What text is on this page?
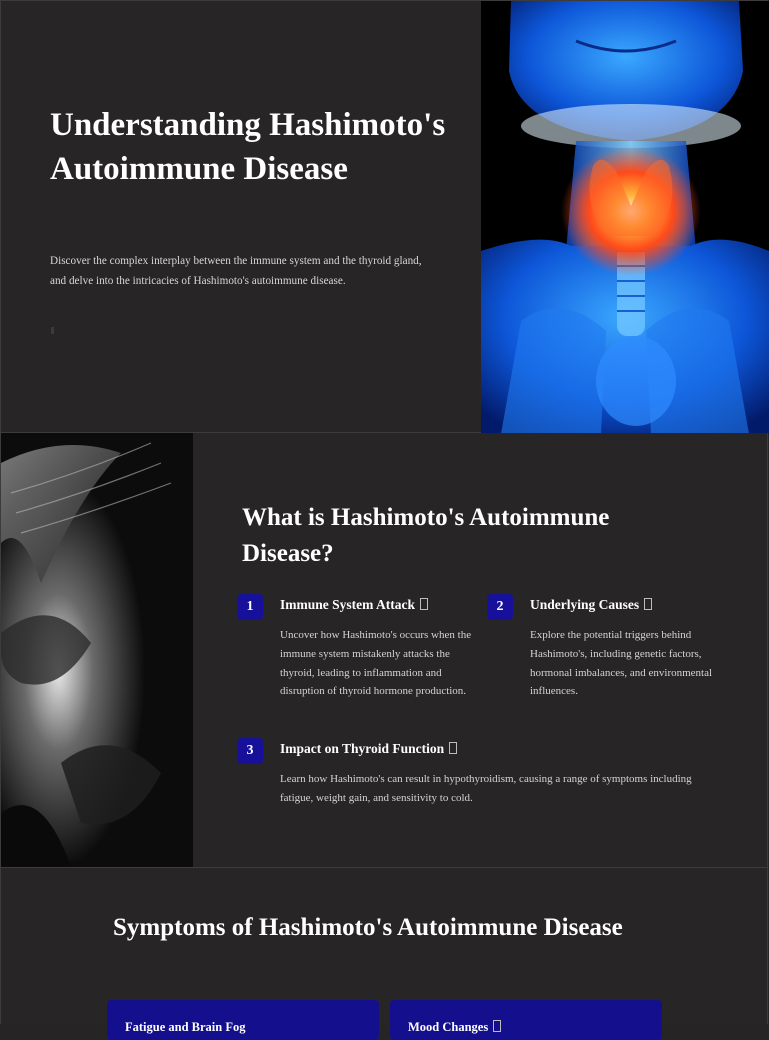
Understanding Hashimoto's Autoimmune Disease

Discover the complex interplay between the immune system and the thyroid gland, and delve into the intricacies of Hashimoto's autoimmune disease.

What is Hashimoto's Autoimmune Disease?
1	Immune System Attack

Uncover how Hashimoto's occurs when the immune system mistakenly attacks the thyroid, leading to inflammation and disruption of thyroid hormone production.

2	Underlying Causes

Explore the potential triggers behind Hashimoto's, including genetic factors, hormonal imbalances, and environmental influences.

3	Impact on Thyroid Function

Learn how Hashimoto's can result in hypothyroidism, causing a range of symptoms including fatigue, weight gain, and sensitivity to cold.

Symptoms of Hashimoto's Autoimmune Disease
Fatigue and Brain Fog	Mood Changes
